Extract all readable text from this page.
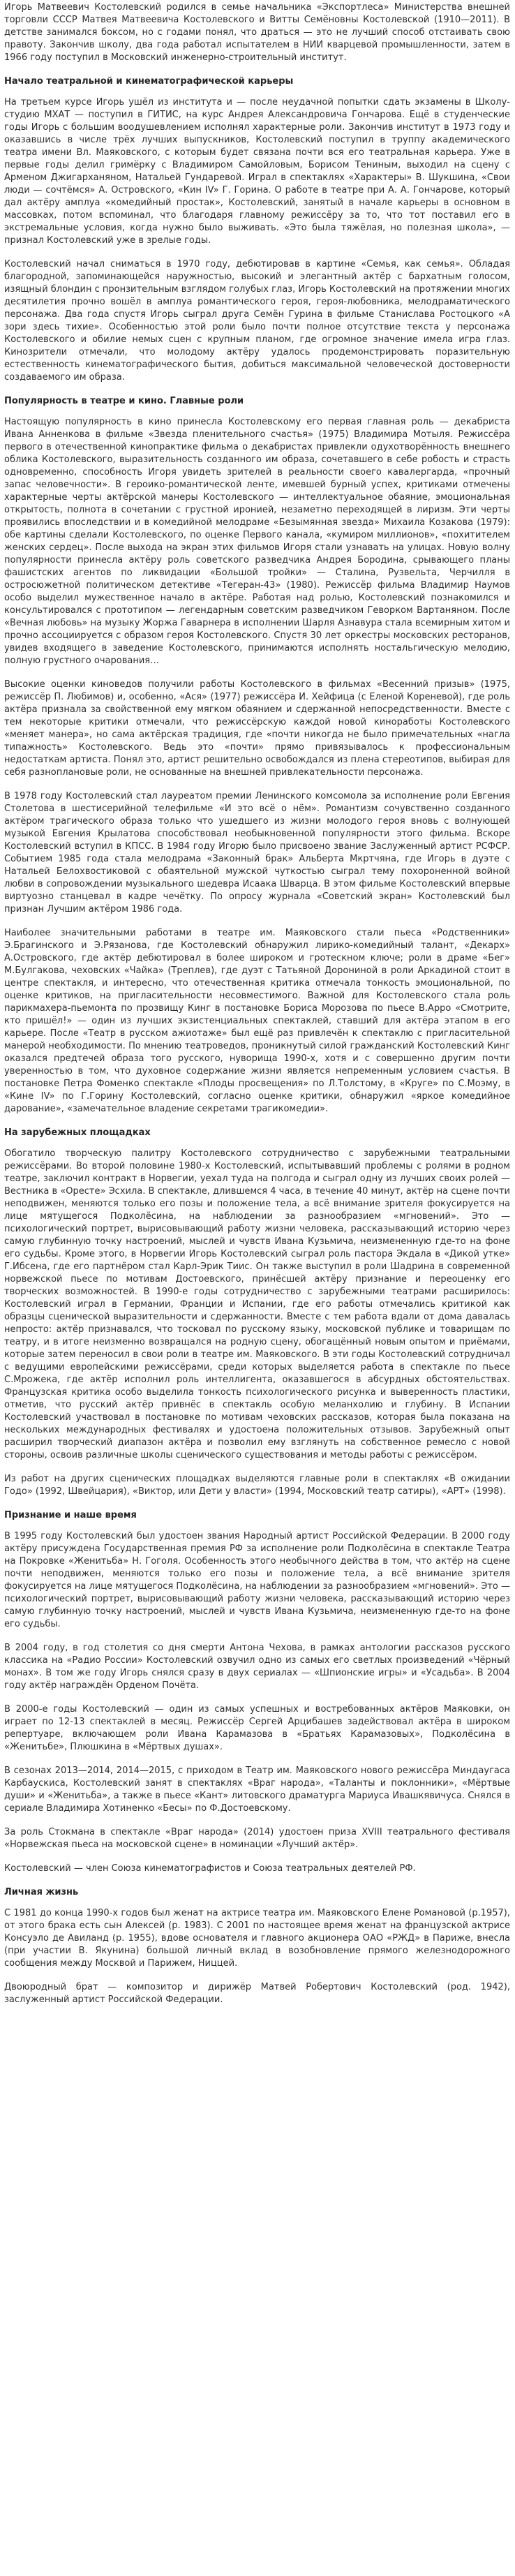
Игорь Матвеевич Костолевский родился в семье начальника «Экспортлеса» Министерства внешней торговли СССР Матвея Матвеевича Костолевского и Витты Семёновны Костолевской (1910—2011). В детстве занимался боксом, но с годами понял, что драться — это не лучший способ отстаивать свою правоту. Закончив школу, два года работал испытателем в НИИ кварцевой промышленности, затем в 1966 году поступил в Московский инженерно-строительный институт.

Начало театральной и кинематографической карьеры

На третьем курсе Игорь ушёл из института и — после неудачной попытки сдать экзамены в Школу-студию МХАТ — поступил в ГИТИС, на курс Андрея Александровича Гончарова. Ещё в студенческие годы Игорь с большим воодушевлением исполнял характерные роли. Закончив институт в 1973 году и оказавшись в числе трёх лучших выпускников, Костолевский поступил в труппу академического театра имени Вл. Маяковского, с которым будет связана почти вся его театральная карьера. Уже в первые годы делил гримёрку с Владимиром Самойловым, Борисом Тениным, выходил на сцену с Арменом Джигарханяном, Натальей Гундаревой. Играл в спектаклях «Характеры» В. Шукшина, «Свои люди — сочтёмся» А. Островского, «Кин IV» Г. Горина. О работе в театре при А. А. Гончарове, который дал актёру амплуа «комедийный простак», Костолевский, занятый в начале карьеры в основном в массовках, потом вспоминал, что благодаря главному режиссёру за то, что тот поставил его в экстремальные условия, когда нужно было выживать. «Это была тяжёлая, но полезная школа», — признал Костолевский уже в зрелые годы.

Костолевский начал сниматься в 1970 году, дебютировав в картине «Семья, как семья». Обладая благородной, запоминающейся наружностью, высокий и элегантный актёр с бархатным голосом, изящный блондин с пронзительным взглядом голубых глаз, Игорь Костолевский на протяжении многих десятилетия прочно вошёл в амплуа романтического героя, героя-любовника, мелодраматического персонажа. Два года спустя Игорь сыграл друга Семён Гурина в фильме Станислава Ростоцкого «А зори здесь тихие». Особенностью этой роли было почти полное отсутствие текста у персонажа Костолевского и обилие немых сцен с крупным планом, где огромное значение имела игра глаз. Кинозрители отмечали, что молодому актёру удалось продемонстрировать поразительную естественность кинематографического бытия, добиться максимальной человеческой достоверности создаваемого им образа.

Популярность в театре и кино. Главные роли

Настоящую популярность в кино принесла Костолевскому его первая главная роль — декабриста Ивана Анненкова в фильме «Звезда пленительного счастья» (1975) Владимира Мотыля. Режиссёра первого в отечественной кинопрактике фильма о декабристах привлекли одухотворённость внешнего облика Костолевского, выразительность созданного им образа, сочетавшего в себе робость и страсть одновременно, способность Игоря увидеть зрителей в реальности своего кавалергарда, «прочный запас человечности». В героико-романтической ленте, имевшей бурный успех, критиками отмечены характерные черты актёрской манеры Костолевского — интеллектуальное обаяние, эмоциональная открытость, полнота в сочетании с грустной иронией, незаметно переходящей в лиризм. Эти черты проявились впоследствии и в комедийной мелодраме «Безымянная звезда» Михаила Козакова (1979): обе картины сделали Костолевского, по оценке Первого канала, «кумиром миллионов», «похитителем женских сердец». После выхода на экран этих фильмов Игоря стали узнавать на улицах. Новую волну популярности принесла актёру роль советского разведчика Андрея Бородина, срывающего планы фашистских агентов по ликвидации «Большой тройки» — Сталина, Рузвельта, Черчилля в остросюжетной политическом детективе «Тегеран-43» (1980). Режиссёр фильма Владимир Наумов особо выделил мужественное начало в актёре. Работая над ролью, Костолевский познакомился и консультировался с прототипом — легендарным советским разведчиком Геворком Вартаняном. После «Вечная любовь» на музыку Жоржа Гаварнера в исполнении Шарля Азнавура стала всемирным хитом и прочно ассоциируется с образом героя Костолевского. Спустя 30 лет оркестры московских ресторанов, увидев входящего в заведение Костолевского, принимаются исполнять ностальгическую мелодию, полную грустного очарования…

Высокие оценки киноведов получили работы Костолевского в фильмах «Весенний призыв» (1975, режиссёр П. Любимов) и, особенно, «Ася» (1977) режиссёра И. Хейфица (с Еленой Кореневой), где роль актёра признала за свойственной ему мягком обаянием и сдержанной непосредственности. Вместе с тем некоторые критики отмечали, что режиссёрскую каждой новой киноработы Костолевского «меняет манера», но сама актёрская традиция, где «почти никогда не было примечательных «нагла типажность» Костолевского. Ведь это «почти» прямо привязывалось к профессиональным недостаткам артиста. Понял это, артист решительно освобождался из плена стереотипов, выбирая для себя разноплановые роли, не основанные на внешней привлекательности персонажа.

В 1978 году Костолевский стал лауреатом премии Ленинского комсомола за исполнение роли Евгения Столетова в шестисерийной телефильме «И это всё о нём». Романтизм сочувственно созданного актёром трагического образа только что ушедшего из жизни молодого героя вновь с волнующей музыкой Евгения Крылатова способствовал необыкновенной популярности этого фильма. Вскоре Костолевский вступил в КПСС. В 1984 году Игорю было присвоено звание Заслуженный артист РСФСР. Событием 1985 года стала мелодрама «Законный брак» Альберта Мкртчяна, где Игорь в дуэте с Натальей Белохвостиковой с обаятельной мужской чуткостью сыграл тему похороненной войной любви в сопровождении музыкального шедевра Исаака Шварца. В этом фильме Костолевский впервые виртуозно станцевал в кадре чечётку. По опросу журнала «Советский экран» Костолевский был признан Лучшим актёром 1986 года.

Наиболее значительными работами в театре им. Маяковского стали пьеса «Родственники» Э.Брагинского и Э.Рязанова, где Костолевский обнаружил лирико-комедийный талант, «Декарх» А.Островского, где актёр дебютировал в более широком и гротескном ключе; роли в драме «Бег» М.Булгакова, чеховских «Чайка» (Треплев), где дуэт с Татьяной Дорониной в роли Аркадиной стоит в центре спектакля, и интересно, что отечественная критика отмечала тонкость эмоциональной, по оценке критиков, на пригласительности несовместимого. Важной для Костолевского стала роль парикмахера-пьемонта по прозвищу Кинг в постановке Бориса Морозова по пьесе В.Арро «Смотрите, кто пришёл!» — один из лучших экзистенциальных спектаклей, ставший для актёра этапом в его карьере. После «Театр в русском ажиотаже» был ещё раз привлечён к спектаклю с пригласительной манерой необходимости. По мнению театроведов, проникнутый силой гражданский Костолевский Кинг оказался предтечей образа того русского, нуворища 1990-х, хотя и с совершенно другим почти уверенностью в том, что духовное содержание жизни является непременным условием счастья. В постановке Петра Фоменко спектакле «Плоды просвещения» по Л.Толстому, в «Круге» по С.Моэму, в «Кине IV» по Г.Горину Костолевский, согласно оценке критики, обнаружил «яркое комедийное дарование», «замечательное владение секретами трагикомедии».

На зарубежных площадках

Обогатило творческую палитру Костолевского сотрудничество с зарубежными театральными режиссёрами. Во второй половине 1980-х Костолевский, испытывавший проблемы с ролями в родном театре, заключил контракт в Норвегии, уехал туда на полгода и сыграл одну из лучших своих ролей — Вестника в «Оресте» Эсхила. В спектакле, длившемся 4 часа, в течение 40 минут, актёр на сцене почти неподвижен, меняются только его позы и положение тела, а всё внимание зрителя фокусируется на лице мятущегося Подколёсина, на наблюдении за разнообразием «мгновений». Это — психологический портрет, вырисовывающий работу жизни человека, рассказывающий историю через самую глубинную точку настроений, мыслей и чувств Ивана Кузьмича, неизмененную где-то на фоне его судьбы. Кроме этого, в Норвегии Игорь Костолевский сыграл роль пастора Экдала в «Дикой утке» Г.Ибсена, где его партнёром стал Карл-Эрик Тиис. Он также выступил в роли Шадрина в современной норвежской пьесе по мотивам Достоевского, принёсшей актёру признание и переоценку его творческих возможностей. В 1990-е годы сотрудничество с зарубежными театрами расширилось: Костолевский играл в Германии, Франции и Испании, где его работы отмечались критикой как образцы сценической выразительности и сдержанности. Вместе с тем работа вдали от дома давалась непросто: актёр признавался, что тосковал по русскому языку, московской публике и товарищам по театру, и в итоге неизменно возвращался на родную сцену, обогащённый новым опытом и приёмами, которые затем переносил в свои роли в театре им. Маяковского. В эти годы Костолевский сотрудничал с ведущими европейскими режиссёрами, среди которых выделяется работа в спектакле по пьесе С.Мрожека, где актёр исполнил роль интеллигента, оказавшегося в абсурдных обстоятельствах. Французская критика особо выделила тонкость психологического рисунка и выверенность пластики, отметив, что русский актёр привнёс в спектакль особую меланхолию и глубину. В Испании Костолевский участвовал в постановке по мотивам чеховских рассказов, которая была показана на нескольких международных фестивалях и удостоена положительных отзывов. Зарубежный опыт расширил творческий диапазон актёра и позволил ему взглянуть на собственное ремесло с новой стороны, освоив различные школы сценического существования и методы работы с режиссёром.

Из работ на других сценических площадках выделяются главные роли в спектаклях «В ожидании Годо» (1992, Швейцария), «Виктор, или Дети у власти» (1994, Московский театр сатиры), «АРТ» (1998).

Признание и наше время

В 1995 году Костолевский был удостоен звания Народный артист Российской Федерации. В 2000 году актёру присуждена Государственная премия РФ за исполнение роли Подколёсина в спектакле Театра на Покровке «Женитьба» Н. Гоголя. Особенность этого необычного действа в том, что актёр на сцене почти неподвижен, меняются только его позы и положение тела, а всё внимание зрителя фокусируется на лице мятущегося Подколёсина, на наблюдении за разнообразием «мгновений». Это — психологический портрет, вырисовывающий работу жизни человека, рассказывающий историю через самую глубинную точку настроений, мыслей и чувств Ивана Кузьмича, неизмененную где-то на фоне его судьбы.

В 2004 году, в год столетия со дня смерти Антона Чехова, в рамках антологии рассказов русского классика на «Радио России» Костолевский озвучил одно из самых его светлых произведений «Чёрный монах». В том же году Игорь снялся сразу в двух сериалах — «Шпионские игры» и «Усадьба». В 2004 году актёр награждён Орденом Почёта.

В 2000-е годы Костолевский — один из самых успешных и востребованных актёров Маяковки, он играет по 12-13 спектаклей в месяц. Режиссёр Сергей Арцибашев задействовал актёра в широком репертуаре, включающем роли Ивана Карамазова в «Братьях Карамазовых», Подколёсина в «Женитьбе», Плюшкина в «Мёртвых душах».

В сезонах 2013—2014, 2014—2015, с приходом в Театр им. Маяковского нового режиссёра Миндаугаса Карбаускиса, Костолевский занят в спектаклях «Враг народа», «Таланты и поклонники», «Мёртвые души» и «Женитьба», а также в пьесе «Кант» литовского драматурга Мариуса Ивашкявичуса. Снялся в сериале Владимира Хотиненко «Бесы» по Ф.Достоевскому.

За роль Стокмана в спектакле «Враг народа» (2014) удостоен приза XVIII театрального фестиваля «Норвежская пьеса на московской сцене» в номинации «Лучший актёр».

Костолевский — член Союза кинематографистов и Союза театральных деятелей РФ.

Личная жизнь

С 1981 до конца 1990-х годов был женат на актрисе театра им. Маяковского Елене Романовой (р.1957), от этого брака есть сын Алексей (р. 1983). С 2001 по настоящее время женат на французской актрисе Консуэло де Авиланд (р. 1955), вдове основателя и главного акционера ОАО «РЖД» в Париже, внесла (при участии В. Якунина) большой личный вклад в возобновление прямого железнодорожного сообщения между Москвой и Парижем, Ниццей.

Двоюродный брат — композитор и дирижёр Матвей Робертович Костолевский (род. 1942), заслуженный артист Российской Федерации.
